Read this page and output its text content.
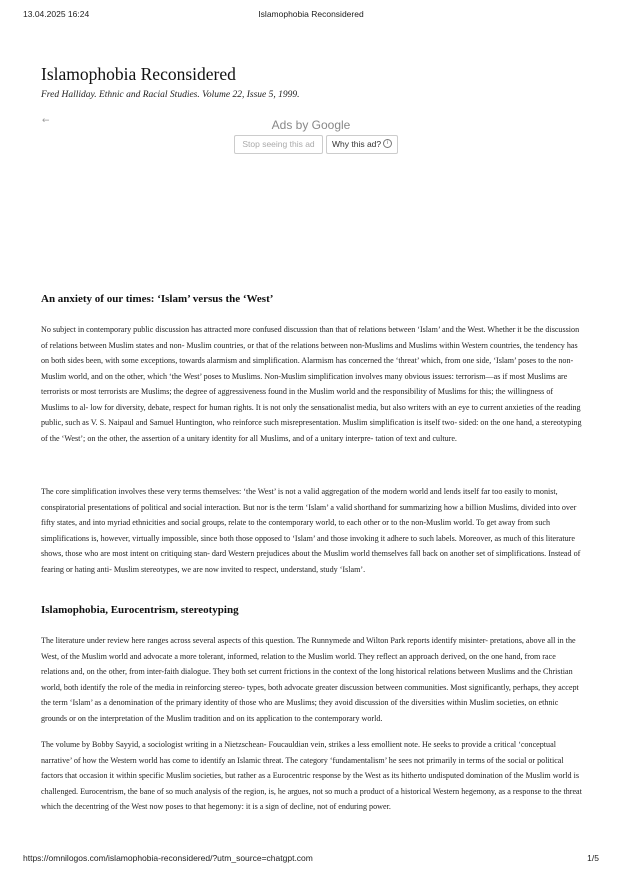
13.04.2025 16:24	Islamophobia Reconsidered
Islamophobia Reconsidered
Fred Halliday. Ethnic and Racial Studies. Volume 22, Issue 5, 1999.
←	Ads by Google
Stop seeing this ad	Why this ad? i
An anxiety of our times: ‘Islam’ versus the ‘West’

No subject in contemporary public discussion has attracted more confused discussion than that of relations between ‘Islam’ and the West. Whether it be the discussion of relations between Muslim states and non- Muslim countries, or that of the relations between non-Muslims and Muslims within Western countries, the tendency has on both sides been, with some exceptions, towards alarmism and simplification. Alarmism has concerned the ‘threat’ which, from one side, ‘Islam’ poses to the non-Muslim world, and on the other, which ‘the West’ poses to Muslims. Non-Muslim simplification involves many obvious issues: terrorism—as if most Muslims are terrorists or most terrorists are Muslims; the degree of aggressiveness found in the Muslim world and the responsibility of Muslims for this; the willingness of Muslims to al- low for diversity, debate, respect for human rights. It is not only the sensationalist media, but also writers with an eye to current anxieties of the reading public, such as V. S. Naipaul and Samuel Huntington, who reinforce such misrepresentation. Muslim simplification is itself two- sided: on the one hand, a stereotyping of the ‘West’; on the other, the assertion of a unitary identity for all Muslims, and of a unitary interpre- tation of text and culture.

The core simplification involves these very terms themselves: ‘the West’ is not a valid aggregation of the modern world and lends itself far too easily to monist, conspiratorial presentations of political and social interaction. But nor is the term ‘Islam’ a valid shorthand for summarizing how a billion Muslims, divided into over fifty states, and into myriad ethnicities and social groups, relate to the contemporary world, to each other or to the non-Muslim world. To get away from such simplifications is, however, virtually impossible, since both those opposed to ‘Islam’ and those invoking it adhere to such labels. Moreover, as much of this literature shows, those who are most intent on critiquing stan- dard Western prejudices about the Muslim world themselves fall back on another set of simplifications. Instead of fearing or hating anti- Muslim stereotypes, we are now invited to respect, understand, study ‘Islam’.

Islamophobia, Eurocentrism, stereotyping

The literature under review here ranges across several aspects of this question. The Runnymede and Wilton Park reports identify misinter- pretations, above all in the West, of the Muslim world and advocate a more tolerant, informed, relation to the Muslim world. They reflect an approach derived, on the one hand, from race relations and, on the other, from inter-faith dialogue. They both set current frictions in the context of the long historical relations between Muslims and the Christian world, both identify the role of the media in reinforcing stereo- types, both advocate greater discussion between communities. Most significantly, perhaps, they accept the term ‘Islam’ as a denomination of the primary identity of those who are Muslims; they avoid discussion of the diversities within Muslim societies, on ethnic grounds or on the interpretation of the Muslim tradition and on its application to the contemporary world.

The volume by Bobby Sayyid, a sociologist writing in a Nietzschean- Foucauldian vein, strikes a less emollient note. He seeks to provide a critical ‘conceptual narrative’ of how the Western world has come to identify an Islamic threat. The category ‘fundamentalism’ he sees not primarily in terms of the social or political factors that occasion it within specific Muslim societies, but rather as a Eurocentric response by the West as its hitherto undisputed domination of the Muslim world is challenged. Eurocentrism, the bane of so much analysis of the region, is, he argues, not so much a product of a historical Western hegemony, as a response to the threat which the decentring of the West now poses to that hegemony: it is a sign of decline, not of enduring power.

https://omnilogos.com/islamophobia-reconsidered/?utm_source=chatgpt.com	1/5
